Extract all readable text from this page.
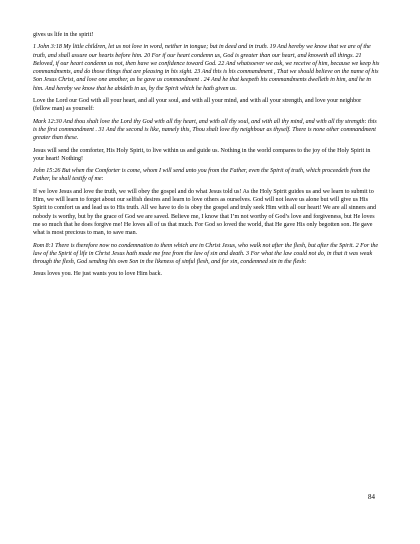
gives us life in the spirit!

1 John 3:18 My little children, let us not love in word, neither in tongue; but in deed and in truth. 19 And hereby we know that we are of the truth, and shall assure our hearts before him. 20 For if our heart condemn us, God is greater than our heart, and knoweth all things. 21 Beloved, if our heart condemn us not, then have we confidence toward God. 22 And whatsoever we ask, we receive of him, because we keep his commandments, and do those things that are pleasing in his sight. 23 And this is his commandment , That we should believe on the name of his Son Jesus Christ, and love one another, as he gave us commandment . 24 And he that keepeth his commandments dwelleth in him, and he in him. And hereby we know that he abideth in us, by the Spirit which he hath given us.

Love the Lord our God with all your heart, and all your soul, and with all your mind, and with all your strength, and love your neighbor (fellow man) as yourself:

Mark 12:30 And thou shalt love the Lord thy God with all thy heart, and with all thy soul, and with all thy mind, and with all thy strength: this is the first commandment . 31 And the second is like, namely this, Thou shalt love thy neighbour as thyself. There is none other commandment greater than these.

Jesus will send the comforter, His Holy Spirit, to live within us and guide us. Nothing in the world compares to the joy of the Holy Spirit in your heart! Nothing!

John 15:26 But when the Comforter is come, whom I will send unto you from the Father, even the Spirit of truth, which proceedeth from the Father, he shall testify of me:

If we love Jesus and love the truth, we will obey the gospel and do what Jesus told us! As the Holy Spirit guides us and we learn to submit to Him, we will learn to forget about our selfish desires and learn to love others as ourselves. God will not leave us alone but will give us His Spirit to comfort us and lead us to His truth. All we have to do is obey the gospel and truly seek Him with all our heart! We are all sinners and nobody is worthy, but by the grace of God we are saved. Believe me, I know that I’m not worthy of God’s love and forgiveness, but He loves me so much that he does forgive me! He loves all of us that much. For God so loved the world, that He gave His only begotten son. He gave what is most precious to man, to save man.

Rom 8:1 There is therefore now no condemnation to them which are in Christ Jesus, who walk not after the flesh, but after the Spirit. 2 For the law of the Spirit of life in Christ Jesus hath made me free from the law of sin and death. 3 For what the law could not do, in that it was weak through the flesh, God sending his own Son in the likeness of sinful flesh, and for sin, condemned sin in the flesh:

Jesus loves you. He just wants you to love Him back.

84
